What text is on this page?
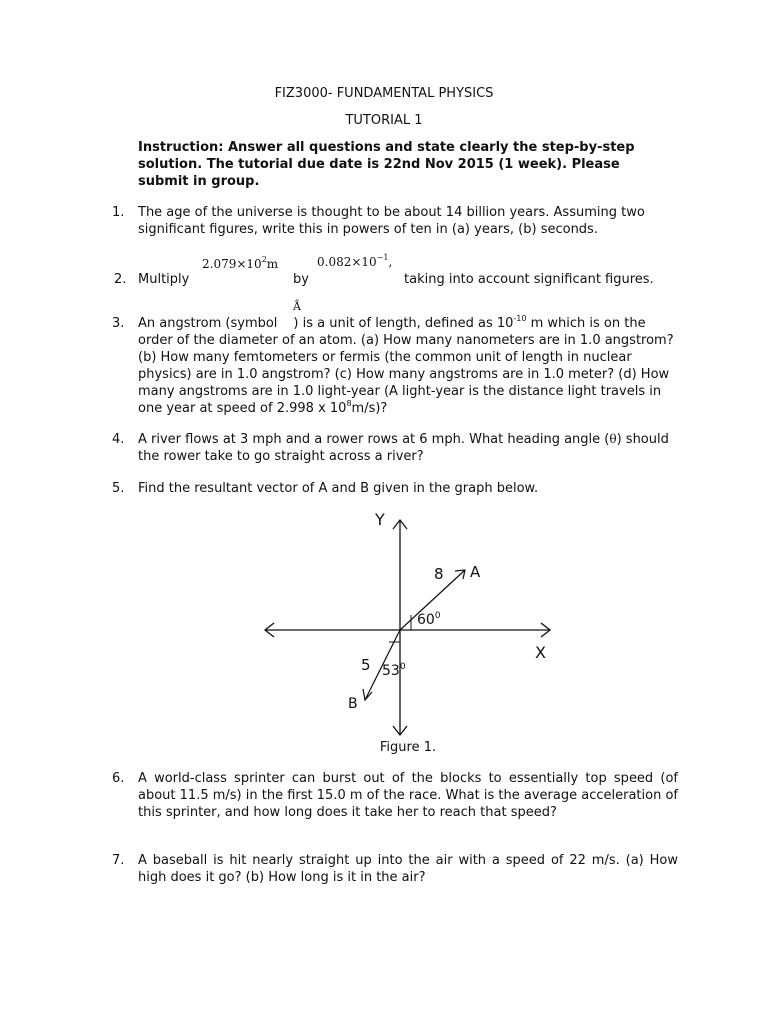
FIZ3000- FUNDAMENTAL PHYSICS
TUTORIAL 1
Instruction: Answer all questions and state clearly the step-by-step solution. The tutorial due date is 22nd Nov 2015 (1 week). Please submit in group.
1. The age of the universe is thought to be about 14 billion years. Assuming two significant figures, write this in powers of ten in (a) years, (b) seconds.
2. Multiply
$2.079\times 10^2m$
by
$0.082\times 10^{-1}$,
taking into account significant figures.
Å
3. An angstrom (symbol ) is a unit of length, defined as $10^{-10}$ m which is on the order of the diameter of an atom. (a) How many nanometers are in 1.0 angstrom? (b) How many femtometers or fermis (the common unit of length in nuclear physics) are in 1.0 angstrom? (c) How many angstroms are in 1.0 meter? (d) How many angstroms are in 1.0 light-year (A light-year is the distance light travels in one year at speed of 2.998 x $10^8m/s$)?
4. A river flows at 3 mph and a rower rows at 6 mph. What heading angle (θ) should the rower take to go straight across a river?
5. Find the resultant vector of A and B given in the graph below.
Y
X
8 A
$60^0$
5 $53^0$
B
Figure 1.
6. A world-class sprinter can burst out of the blocks to essentially top speed (of about 11.5 m/s) in the first 15.0 m of the race. What is the average acceleration of this sprinter, and how long does it take her to reach that speed?
7. A baseball is hit nearly straight up into the air with a speed of 22 m/s. (a) How high does it go? (b) How long is it in the air?
